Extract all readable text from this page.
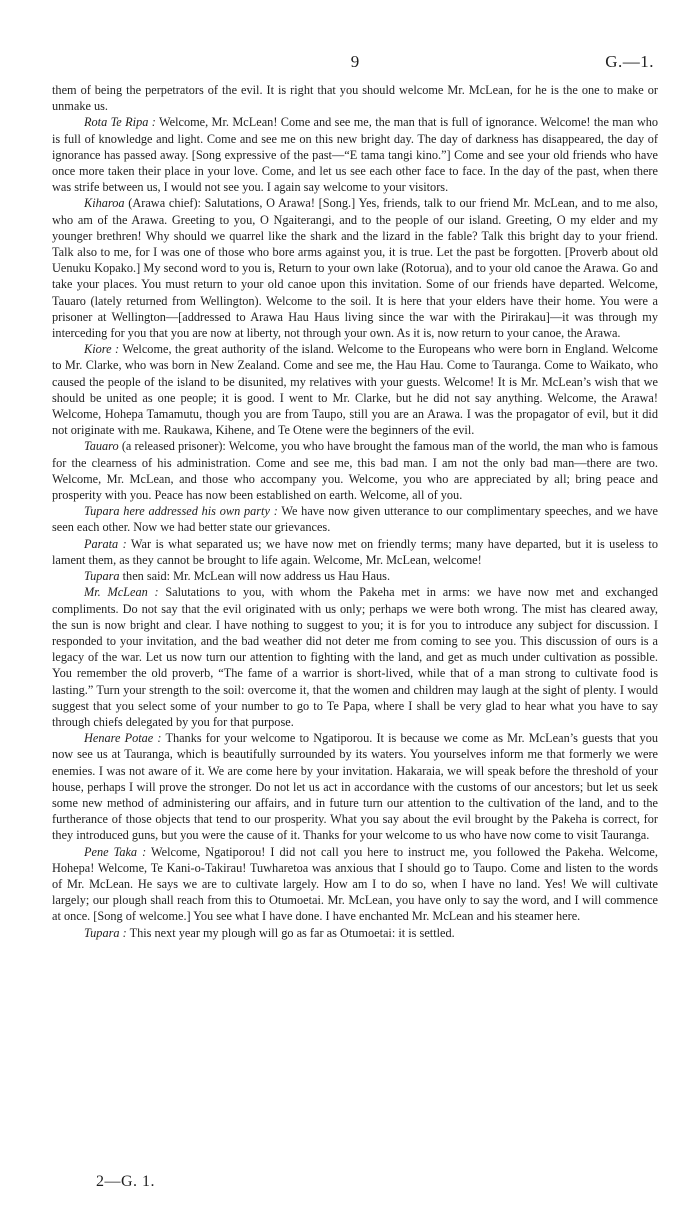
9	G.—1.

them of being the perpetrators of the evil. It is right that you should welcome Mr. McLean, for he is the one to make or unmake us.

Rota Te Ripa : Welcome, Mr. McLean! Come and see me, the man that is full of ignorance. Welcome! the man who is full of knowledge and light. Come and see me on this new bright day. The day of darkness has disappeared, the day of ignorance has passed away. [Song expressive of the past—“E tama tangi kino.”] Come and see your old friends who have once more taken their place in your love. Come, and let us see each other face to face. In the day of the past, when there was strife between us, I would not see you. I again say welcome to your visitors.

Kiharoa (Arawa chief): Salutations, O Arawa! [Song.] Yes, friends, talk to our friend Mr. McLean, and to me also, who am of the Arawa. Greeting to you, O Ngaiterangi, and to the people of our island. Greeting, O my elder and my younger brethren! Why should we quarrel like the shark and the lizard in the fable? Talk this bright day to your friend. Talk also to me, for I was one of those who bore arms against you, it is true. Let the past be forgotten. [Proverb about old Uenuku Kopako.] My second word to you is, Return to your own lake (Rotorua), and to your old canoe the Arawa. Go and take your places. You must return to your old canoe upon this invitation. Some of our friends have departed. Welcome, Tauaro (lately returned from Wellington). Welcome to the soil. It is here that your elders have their home. You were a prisoner at Wellington—[addressed to Arawa Hau Haus living since the war with the Pirirakau]—it was through my interceding for you that you are now at liberty, not through your own. As it is, now return to your canoe, the Arawa.

Kiore : Welcome, the great authority of the island. Welcome to the Europeans who were born in England. Welcome to Mr. Clarke, who was born in New Zealand. Come and see me, the Hau Hau. Come to Tauranga. Come to Waikato, who caused the people of the island to be disunited, my relatives with your guests. Welcome! It is Mr. McLean’s wish that we should be united as one people; it is good. I went to Mr. Clarke, but he did not say anything. Welcome, the Arawa! Welcome, Hohepa Tamamutu, though you are from Taupo, still you are an Arawa. I was the propagator of evil, but it did not originate with me. Raukawa, Kihene, and Te Otene were the beginners of the evil.

Tauaro (a released prisoner): Welcome, you who have brought the famous man of the world, the man who is famous for the clearness of his administration. Come and see me, this bad man. I am not the only bad man—there are two. Welcome, Mr. McLean, and those who accompany you. Welcome, you who are appreciated by all; bring peace and prosperity with you. Peace has now been established on earth. Welcome, all of you.

Tupara here addressed his own party : We have now given utterance to our complimentary speeches, and we have seen each other. Now we had better state our grievances.

Parata : War is what separated us; we have now met on friendly terms; many have departed, but it is useless to lament them, as they cannot be brought to life again. Welcome, Mr. McLean, welcome!

Tupara then said: Mr. McLean will now address us Hau Haus.

Mr. McLean : Salutations to you, with whom the Pakeha met in arms: we have now met and exchanged compliments. Do not say that the evil originated with us only; perhaps we were both wrong. The mist has cleared away, the sun is now bright and clear. I have nothing to suggest to you; it is for you to introduce any subject for discussion. I responded to your invitation, and the bad weather did not deter me from coming to see you. This discussion of ours is a legacy of the war. Let us now turn our attention to fighting with the land, and get as much under cultivation as possible. You remember the old proverb, “The fame of a warrior is short-lived, while that of a man strong to cultivate food is lasting.” Turn your strength to the soil: overcome it, that the women and children may laugh at the sight of plenty. I would suggest that you select some of your number to go to Te Papa, where I shall be very glad to hear what you have to say through chiefs delegated by you for that purpose.

Henare Potae : Thanks for your welcome to Ngatiporou. It is because we come as Mr. McLean’s guests that you now see us at Tauranga, which is beautifully surrounded by its waters. You yourselves inform me that formerly we were enemies. I was not aware of it. We are come here by your invitation. Hakaraia, we will speak before the threshold of your house, perhaps I will prove the stronger. Do not let us act in accordance with the customs of our ancestors; but let us seek some new method of administering our affairs, and in future turn our attention to the cultivation of the land, and to the furtherance of those objects that tend to our prosperity. What you say about the evil brought by the Pakeha is correct, for they introduced guns, but you were the cause of it. Thanks for your welcome to us who have now come to visit Tauranga.

Pene Taka : Welcome, Ngatiporou! I did not call you here to instruct me, you followed the Pakeha. Welcome, Hohepa! Welcome, Te Kani-o-Takirau! Tuwharetoa was anxious that I should go to Taupo. Come and listen to the words of Mr. McLean. He says we are to cultivate largely. How am I to do so, when I have no land. Yes! We will cultivate largely; our plough shall reach from this to Otumoetai. Mr. McLean, you have only to say the word, and I will commence at once. [Song of welcome.] You see what I have done. I have enchanted Mr. McLean and his steamer here.

Tupara : This next year my plough will go as far as Otumoetai: it is settled.

2—G. 1.
